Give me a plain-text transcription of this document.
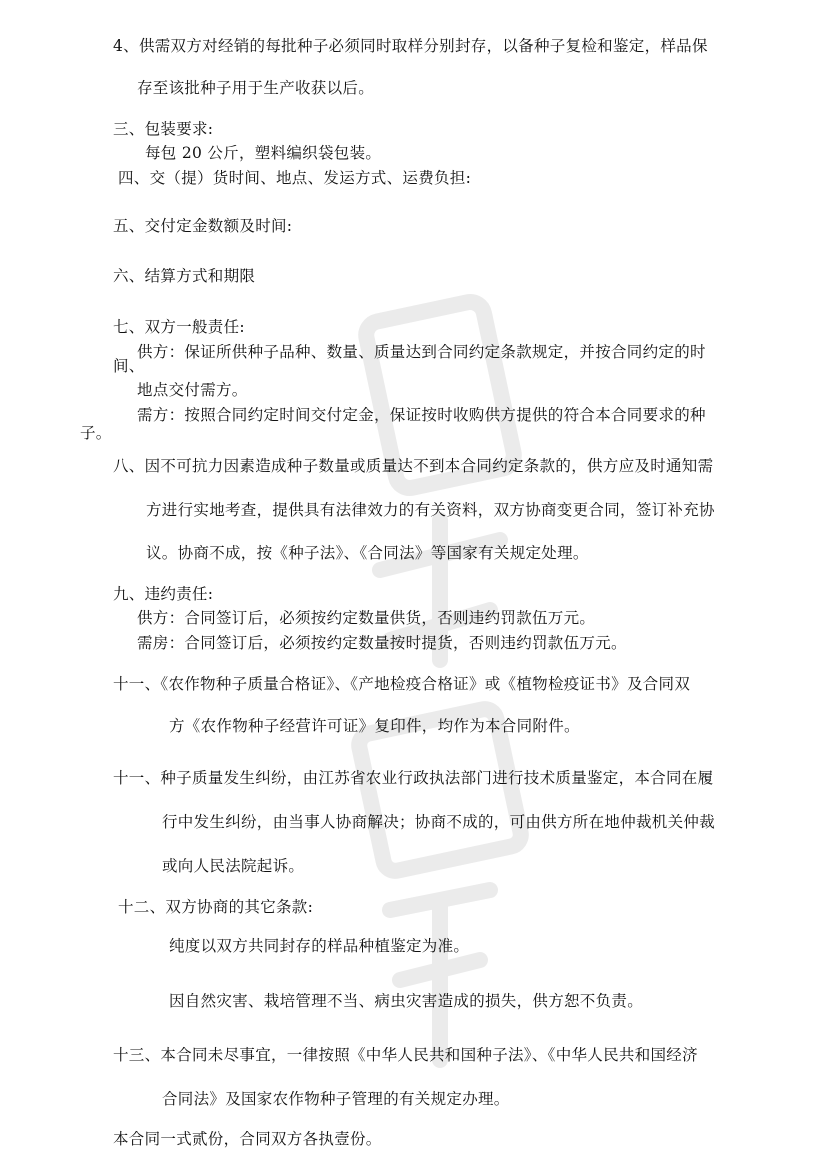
4、供需双方对经销的每批种子必须同时取样分别封存，以备种子复检和鉴定，样品保
存至该批种子用于生产收获以后。
三、包装要求:
每包 20 公斤，塑料编织袋包装。
四、交（提）货时间、地点、发运方式、运费负担:
五、交付定金数额及时间:
六、结算方式和期限
七、双方一般责任:
供方：保证所供种子品种、数量、质量达到合同约定条款规定，并按合同约定的时
间、
地点交付需方。
需方：按照合同约定时间交付定金，保证按时收购供方提供的符合本合同要求的种
子。
八、因不可抗力因素造成种子数量或质量达不到本合同约定条款的，供方应及时通知需
方进行实地考查，提供具有法律效力的有关资料，双方协商变更合同，签订补充协
议。协商不成，按《种子法》、《合同法》等国家有关规定处理。
九、违约责任:
供方：合同签订后，必须按约定数量供货，否则违约罚款伍万元。
需房：合同签订后，必须按约定数量按时提货，否则违约罚款伍万元。
十一、《农作物种子质量合格证》、《产地检疫合格证》或《植物检疫证书》及合同双
方《农作物种子经营许可证》复印件，均作为本合同附件。
十一、种子质量发生纠纷，由江苏省农业行政执法部门进行技术质量鉴定，本合同在履
行中发生纠纷，由当事人协商解决；协商不成的，可由供方所在地仲裁机关仲裁
或向人民法院起诉。
十二、双方协商的其它条款:
纯度以双方共同封存的样品种植鉴定为准。
因自然灾害、栽培管理不当、病虫灾害造成的损失，供方恕不负责。
十三、本合同未尽事宜，一律按照《中华人民共和国种子法》、《中华人民共和国经济
合同法》及国家农作物种子管理的有关规定办理。
本合同一式贰份，合同双方各执壹份。
